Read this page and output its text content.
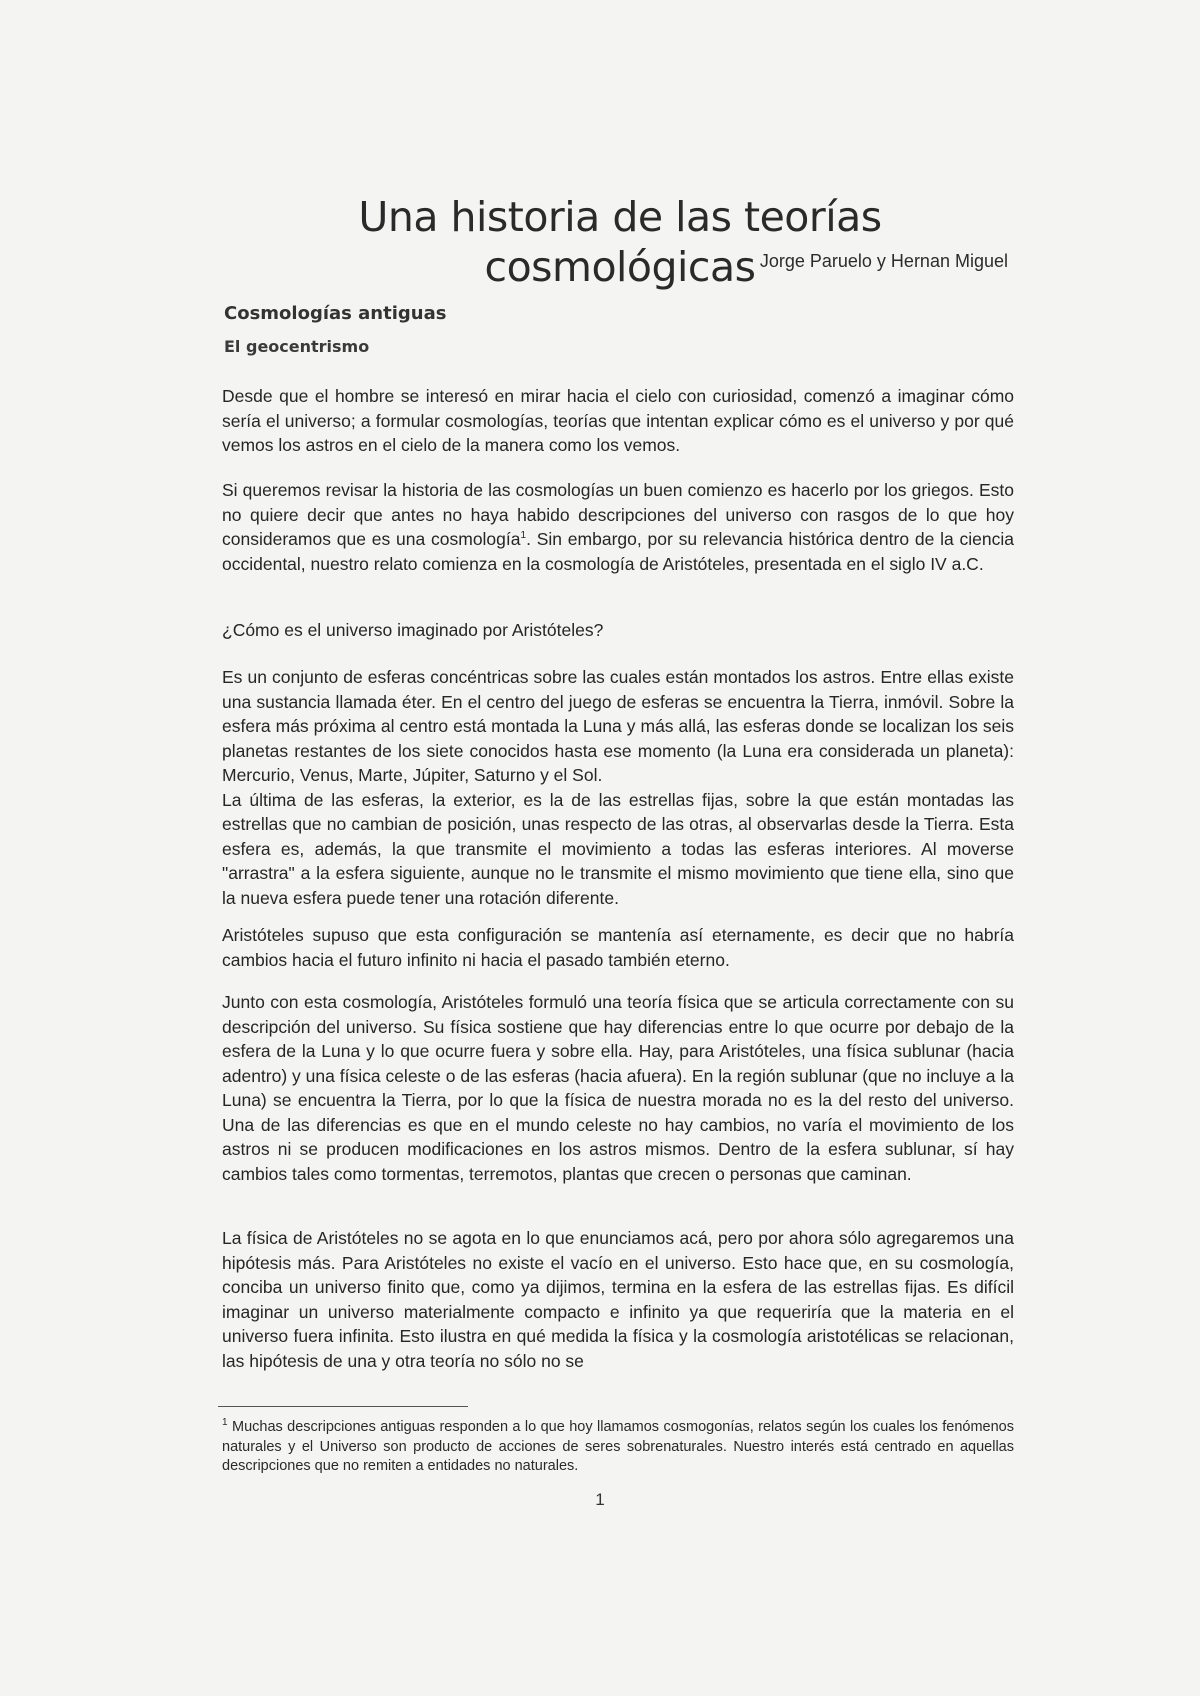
Una historia de las teorías cosmológicas Jorge Paruelo y Hernan Miguel
Cosmologías antiguas
El geocentrismo

Desde que el hombre se interesó en mirar hacia el cielo con curiosidad, comenzó a imaginar cómo sería el universo; a formular cosmologías, teorías que intentan explicar cómo es el universo y por qué vemos los astros en el cielo de la manera como los vemos.

Si queremos revisar la historia de las cosmologías un buen comienzo es hacerlo por los griegos. Esto no quiere decir que antes no haya habido descripciones del universo con rasgos de lo que hoy consideramos que es una cosmología$^1$. Sin embargo, por su relevancia histórica dentro de la ciencia occidental, nuestro relato comienza en la cosmología de Aristóteles, presentada en el siglo IV a.C.

¿Cómo es el universo imaginado por Aristóteles?

Es un conjunto de esferas concéntricas sobre las cuales están montados los astros. Entre ellas existe una sustancia llamada éter. En el centro del juego de esferas se encuentra la Tierra, inmóvil. Sobre la esfera más próxima al centro está montada la Luna y más allá, las esferas donde se localizan los seis planetas restantes de los siete conocidos hasta ese momento (la Luna era considerada un planeta): Mercurio, Venus, Marte, Júpiter, Saturno y el Sol.
La última de las esferas, la exterior, es la de las estrellas fijas, sobre la que están montadas las estrellas que no cambian de posición, unas respecto de las otras, al observarlas desde la Tierra. Esta esfera es, además, la que transmite el movimiento a todas las esferas interiores. Al moverse "arrastra" a la esfera siguiente, aunque no le transmite el mismo movimiento que tiene ella, sino que la nueva esfera puede tener una rotación diferente.

Aristóteles supuso que esta configuración se mantenía así eternamente, es decir que no habría cambios hacia el futuro infinito ni hacia el pasado también eterno.

Junto con esta cosmología, Aristóteles formuló una teoría física que se articula correctamente con su descripción del universo. Su física sostiene que hay diferencias entre lo que ocurre por debajo de la esfera de la Luna y lo que ocurre fuera y sobre ella. Hay, para Aristóteles, una física sublunar (hacia adentro) y una física celeste o de las esferas (hacia afuera). En la región sublunar (que no incluye a la Luna) se encuentra la Tierra, por lo que la física de nuestra morada no es la del resto del universo. Una de las diferencias es que en el mundo celeste no hay cambios, no varía el movimiento de los astros ni se producen modificaciones en los astros mismos. Dentro de la esfera sublunar, sí hay cambios tales como tormentas, terremotos, plantas que crecen o personas que caminan.

La física de Aristóteles no se agota en lo que enunciamos acá, pero por ahora sólo agregaremos una hipótesis más. Para Aristóteles no existe el vacío en el universo. Esto hace que, en su cosmología, conciba un universo finito que, como ya dijimos, termina en la esfera de las estrellas fijas. Es difícil imaginar un universo materialmente compacto e infinito ya que requeriría que la materia en el universo fuera infinita. Esto ilustra en qué medida la física y la cosmología aristotélicas se relacionan, las hipótesis de una y otra teoría no sólo no se

$^1$ Muchas descripciones antiguas responden a lo que hoy llamamos cosmogonías, relatos según los cuales los fenómenos naturales y el Universo son producto de acciones de seres sobrenaturales. Nuestro interés está centrado en aquellas descripciones que no remiten a entidades no naturales.

1
